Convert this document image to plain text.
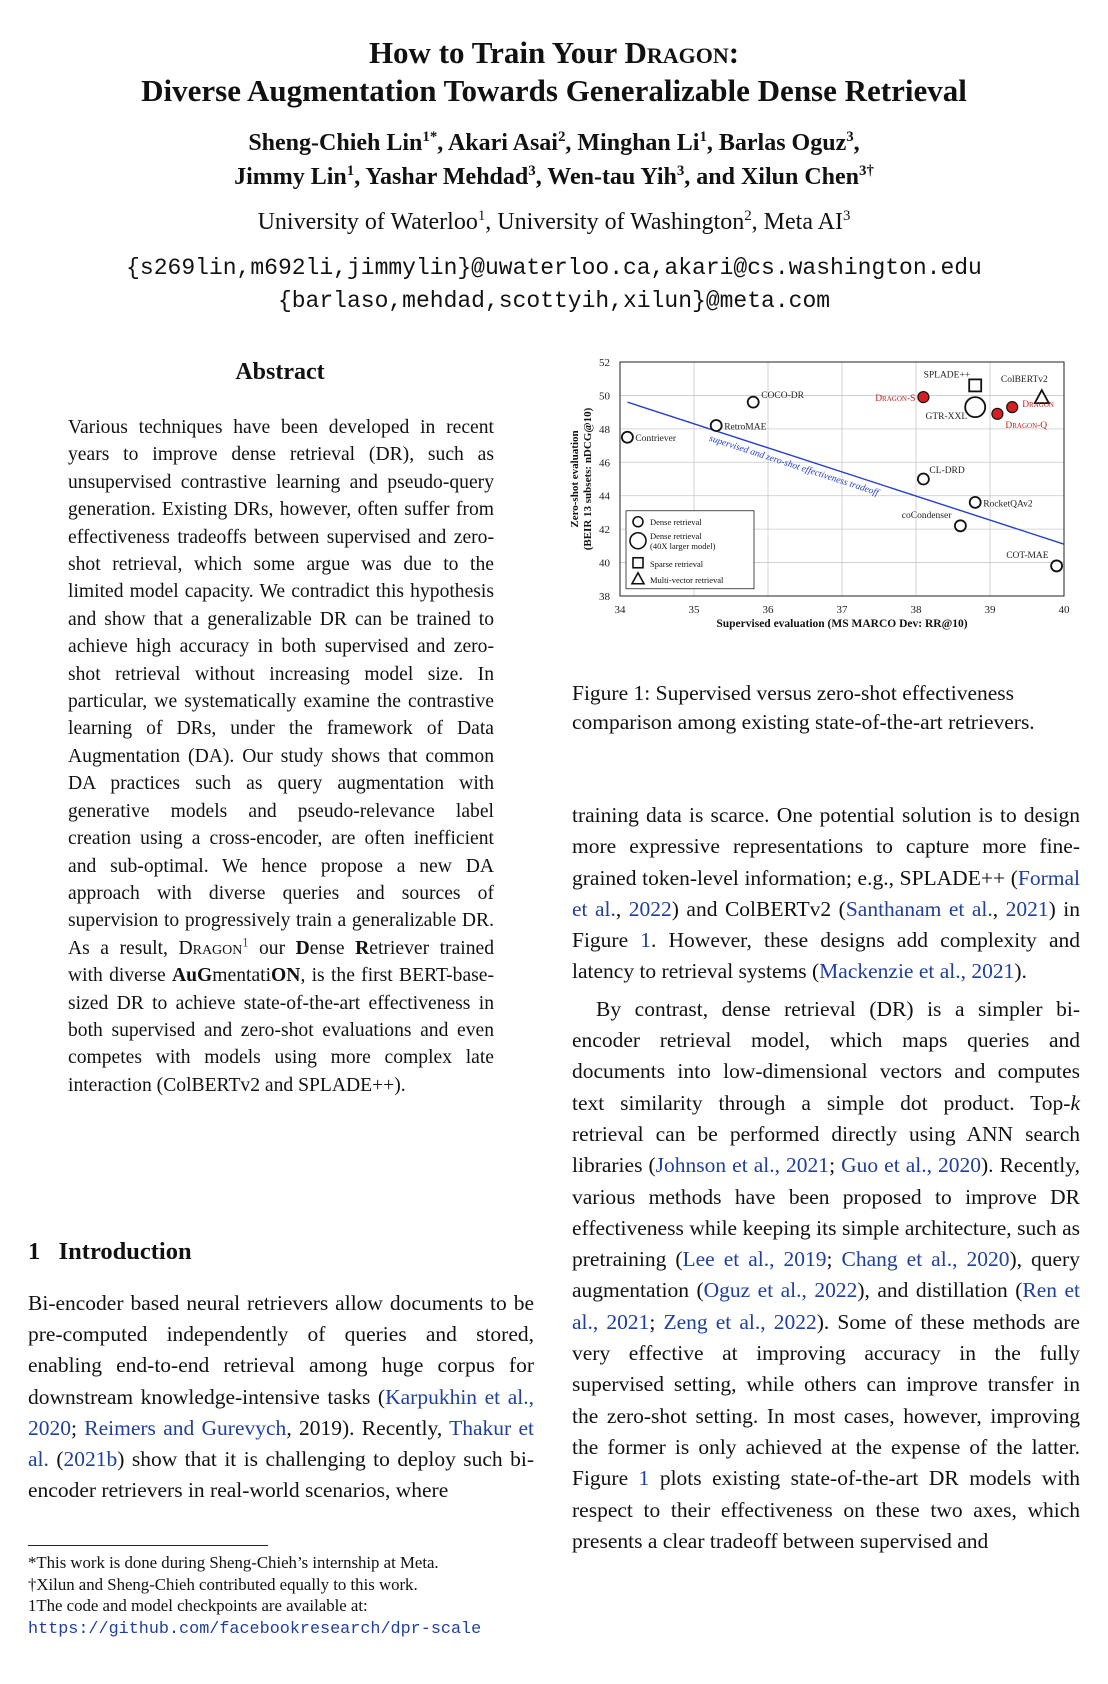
How to Train Your Dragon:
Diverse Augmentation Towards Generalizable Dense Retrieval
Sheng-Chieh Lin$^{1*}$, Akari Asai$^2$, Minghan Li$^1$, Barlas Oguz$^3$,
Jimmy Lin$^1$, Yashar Mehdad$^3$, Wen-tau Yih$^3$, and Xilun Chen$^{3\dagger}$
University of Waterloo$^1$, University of Washington$^2$, Meta $AI^3$
{s269lin,m692li,jimmylin}@uwaterloo.ca,akari@cs.washington.edu
{barlaso,mehdad,scottyih,xilun}@meta.com
Abstract
Various techniques have been developed in recent years to improve dense retrieval (DR), such as unsupervised contrastive learning and pseudo-query generation. Existing DRs, however, often suffer from effectiveness tradeoffs between supervised and zero-shot retrieval, which some argue was due to the limited model capacity. We contradict this hypothesis and show that a generalizable DR can be trained to achieve high accuracy in both supervised and zero-shot retrieval without increasing model size. In particular, we systematically examine the contrastive learning of DRs, under the framework of Data Augmentation (DA). Our study shows that common DA practices such as query augmentation with generative models and pseudo-relevance label creation using a cross-encoder, are often inefficient and sub-optimal. We hence propose a new DA approach with diverse queries and sources of supervision to progressively train a generalizable DR. As a result, Dragon$^1$ our Dense Retriever trained with diverse AuGmentatiON, is the first BERT-base-sized DR to achieve state-of-the-art effectiveness in both supervised and zero-shot evaluations and even competes with models using more complex late interaction (ColBERTv2 and SPLADE++).
1 Introduction
Bi-encoder based neural retrievers allow documents to be pre-computed independently of queries and stored, enabling end-to-end retrieval among huge corpus for downstream knowledge-intensive tasks (Karpukhin et al., 2020; Reimers and Gurevych, 2019). Recently, Thakur et al. (2021b) show that it is challenging to deploy such bi-encoder retrievers in real-world scenarios, where
*This work is done during Sheng-Chieh’s internship at Meta.
†Xilun and Sheng-Chieh contributed equally to this work.
1The code and model checkpoints are available at: https://github.com/facebookresearch/dpr-scale
34	35	36	37	38	39	40
38
40
42
44
46
48
50
52
Supervised evaluation (MS MARCO Dev: RR@10)
Zero-shot evaluation (BEIR 13 subsets: nDCG@10)	supervised and zero-shot effectiveness tradeoff
Contriever
RetroMAE
COCO-DR
CL-DRD
RocketQAv2
coCondenser
COT-MAE
GTR-XXL
SPLADE++	ColBERTv2
Dragon-S
Dragon
Dragon-Q
Dense retrieval
Dense retrieval
(40X larger model)
Sparse retrieval
Multi-vector retrieval
Figure 1: Supervised versus zero-shot effectiveness comparison among existing state-of-the-art retrievers.

training data is scarce. One potential solution is to design more expressive representations to capture more fine-grained token-level information; e.g., SPLADE++ (Formal et al., 2022) and ColBERTv2 (Santhanam et al., 2021) in Figure 1. However, these designs add complexity and latency to retrieval systems (Mackenzie et al., 2021).

By contrast, dense retrieval (DR) is a simpler bi-encoder retrieval model, which maps queries and documents into low-dimensional vectors and computes text similarity through a simple dot product. Top-k retrieval can be performed directly using ANN search libraries (Johnson et al., 2021; Guo et al., 2020). Recently, various methods have been proposed to improve DR effectiveness while keeping its simple architecture, such as pretraining (Lee et al., 2019; Chang et al., 2020), query augmentation (Oguz et al., 2022), and distillation (Ren et al., 2021; Zeng et al., 2022). Some of these methods are very effective at improving accuracy in the fully supervised setting, while others can improve transfer in the zero-shot setting. In most cases, however, improving the former is only achieved at the expense of the latter. Figure 1 plots existing state-of-the-art DR models with respect to their effectiveness on these two axes, which presents a clear tradeoff between supervised and
